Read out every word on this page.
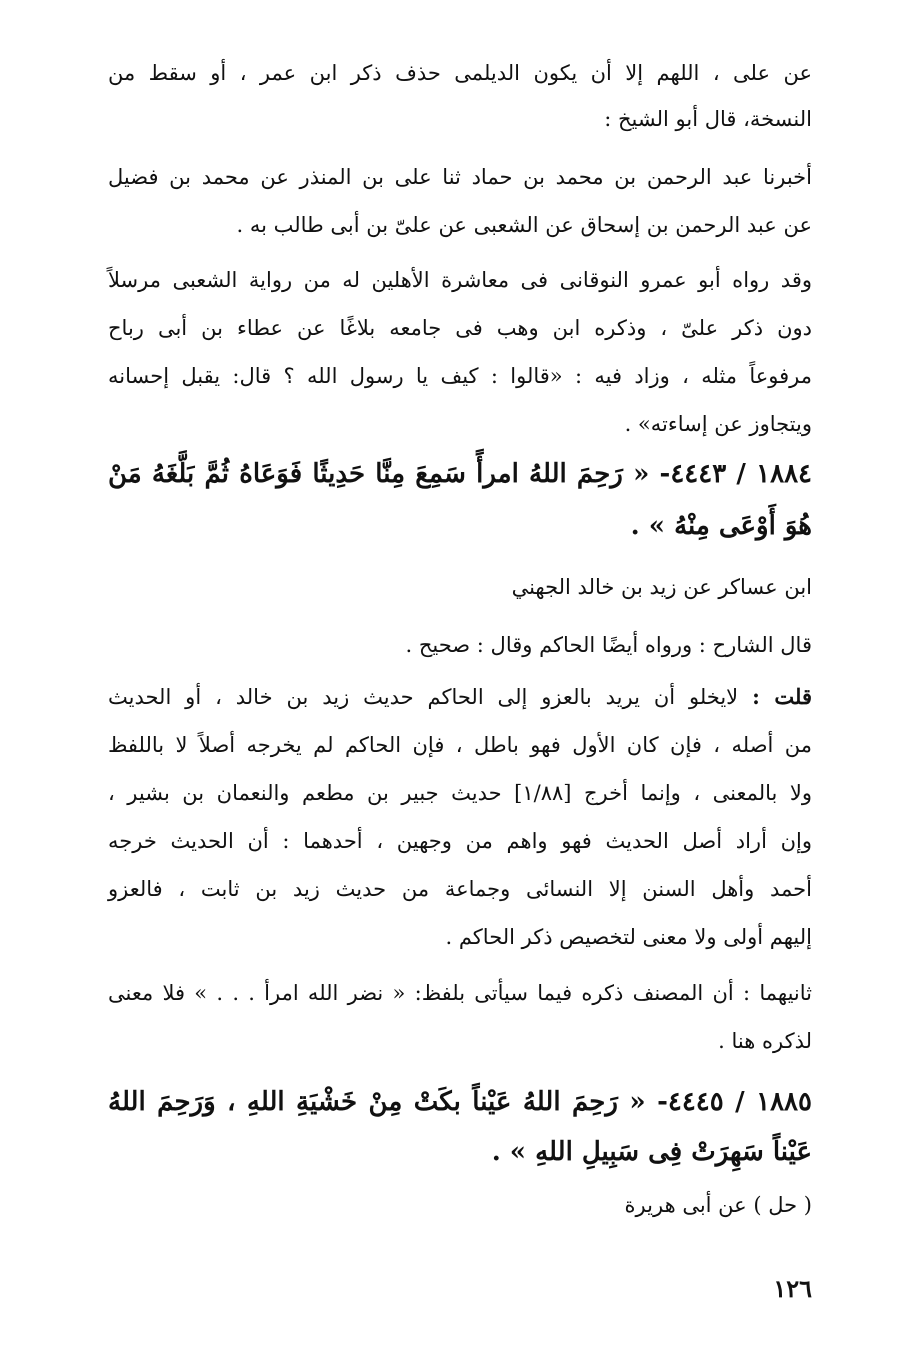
عن على ، اللهم إلا أن يكون الديلمى حذف ذكر ابن عمر ، أو سقط من
النسخة، قال أبو الشيخ :
أخبرنا عبد الرحمن بن محمد بن حماد ثنا على بن المنذر عن محمد بن فضيل
عن عبد الرحمن بن إسحاق عن الشعبى عن علىّ بن أبى طالب به .
وقد رواه أبو عمرو النوقانى فى معاشرة الأهلين له من رواية الشعبى مرسلاً
دون ذكر علىّ ، وذكره ابن وهب فى جامعه بلاغًا عن عطاء بن أبى رباح
مرفوعاً مثله ، وزاد فيه : «قالوا : كيف يا رسول الله ؟ قال: يقبل إحسانه
ويتجاوز عن إساءته» .
١٨٨٤ / ٤٤٤٣- « رَحِمَ اللهُ امرأً سَمِعَ مِنَّا حَدِيثًا فَوَعَاهُ ثُمَّ بَلَّغَهُ مَنْ
هُوَ أَوْعَى مِنْهُ » .
ابن عساكر عن زيد بن خالد الجهني
قال الشارح : ورواه أيضًا الحاكم وقال : صحيح .
قلت : لايخلو أن يريد بالعزو إلى الحاكم حديث زيد بن خالد ، أو الحديث
من أصله ، فإن كان الأول فهو باطل ، فإن الحاكم لم يخرجه أصلاً لا باللفظ
ولا بالمعنى ، وإنما أخرج [١/٨٨] حديث جبير بن مطعم والنعمان بن بشير ،
وإن أراد أصل الحديث فهو واهم من وجهين ، أحدهما : أن الحديث خرجه
أحمد وأهل السنن إلا النسائى وجماعة من حديث زيد بن ثابت ، فالعزو
إليهم أولى ولا معنى لتخصيص ذكر الحاكم .
ثانيهما : أن المصنف ذكره فيما سيأتى بلفظ: « نضر الله امرأ . . . » فلا معنى
لذكره هنا .
١٨٨٥ / ٤٤٤٥- « رَحِمَ اللهُ عَيْناً بكَتْ مِنْ خَشْيَةِ اللهِ ، وَرَحِمَ اللهُ
عَيْناً سَهِرَتْ فِى سَبِيلِ اللهِ » .
( حل ) عن أبى هريرة
١٢٦
